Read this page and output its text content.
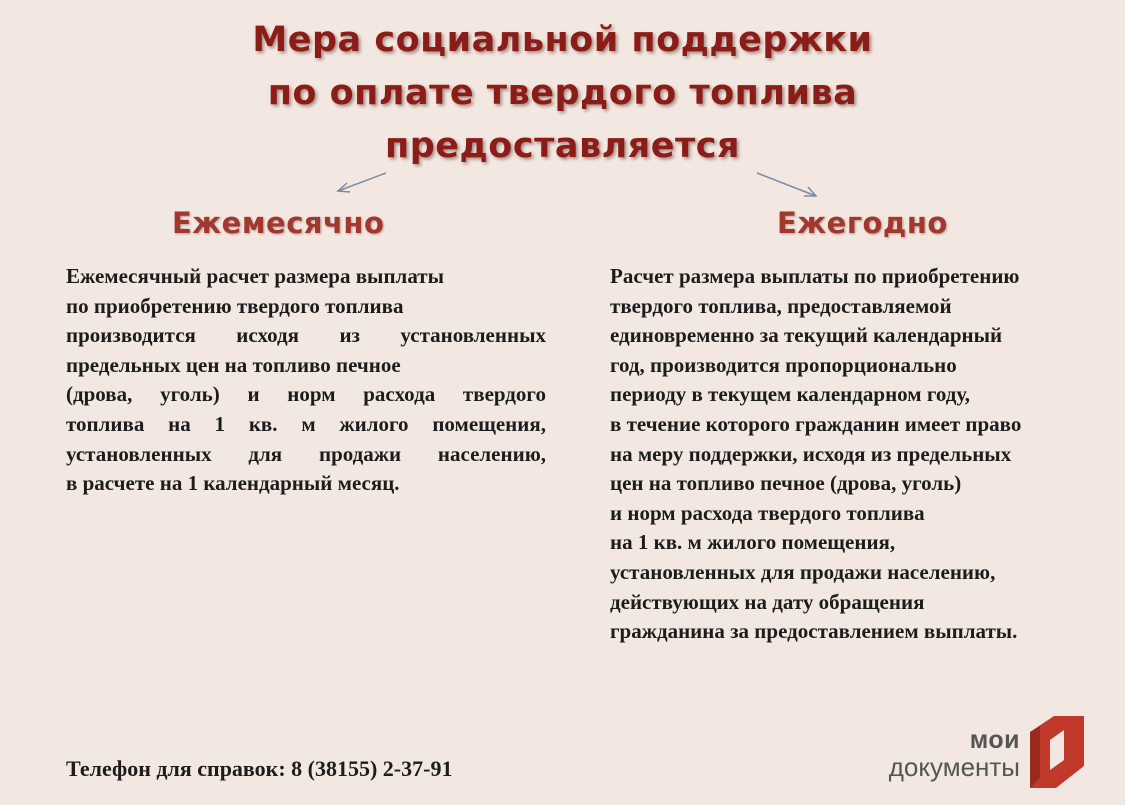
Мера социальной поддержки
по оплате твердого топлива
предоставляется
Ежемесячно	Ежегодно
Ежемесячный расчет размера выплаты
по приобретению твердого топлива
производится исходя из установленных
предельных цен на топливо печное
(дрова, уголь) и норм расхода твердого
топлива на 1 кв. м жилого помещения,
установленных для продажи населению,
в расчете на 1 календарный месяц.
Расчет размера выплаты по приобретению
твердого топлива, предоставляемой
единовременно за текущий календарный
год, производится пропорционально
периоду в текущем календарном году,
в течение которого гражданин имеет право
на меру поддержки, исходя из предельных
цен на топливо печное (дрова, уголь)
и норм расхода твердого топлива
на 1 кв. м жилого помещения,
установленных для продажи населению,
действующих на дату обращения
гражданина за предоставлением выплаты.
Телефон для справок: 8 (38155) 2-37-91
мои
документы
